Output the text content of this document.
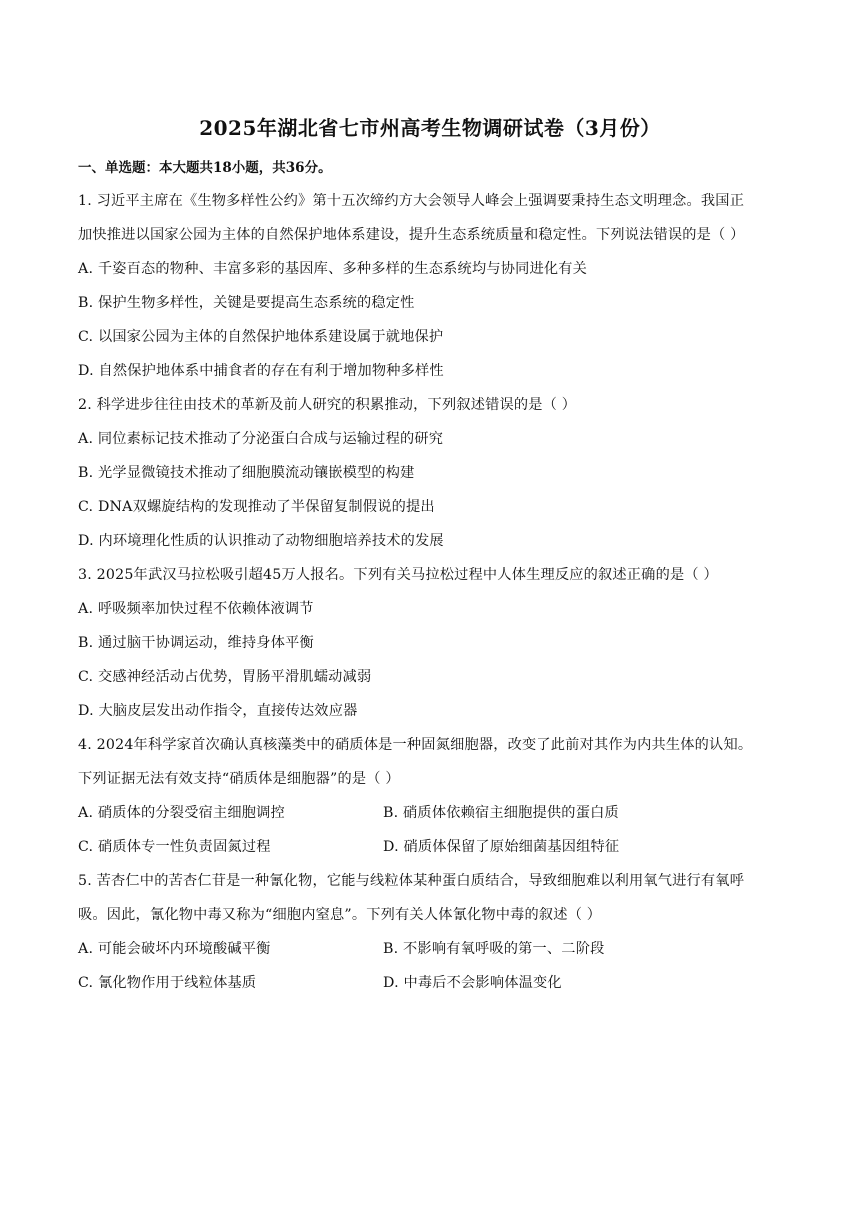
2025年湖北省七市州高考生物调研试卷（3月份）
一、单选题：本大题共18小题，共36分。
1. 习近平主席在《生物多样性公约》第十五次缔约方大会领导人峰会上强调要秉持生态文明理念。我国正
加快推进以国家公园为主体的自然保护地体系建设，提升生态系统质量和稳定性。下列说法错误的是（ ）
A. 千姿百态的物种、丰富多彩的基因库、多种多样的生态系统均与协同进化有关
B. 保护生物多样性，关键是要提高生态系统的稳定性
C. 以国家公园为主体的自然保护地体系建设属于就地保护
D. 自然保护地体系中捕食者的存在有利于增加物种多样性
2. 科学进步往往由技术的革新及前人研究的积累推动，下列叙述错误的是（ ）
A. 同位素标记技术推动了分泌蛋白合成与运输过程的研究
B. 光学显微镜技术推动了细胞膜流动镶嵌模型的构建
C. DNA双螺旋结构的发现推动了半保留复制假说的提出
D. 内环境理化性质的认识推动了动物细胞培养技术的发展
3. 2025年武汉马拉松吸引超45万人报名。下列有关马拉松过程中人体生理反应的叙述正确的是（ ）
A. 呼吸频率加快过程不依赖体液调节
B. 通过脑干协调运动，维持身体平衡
C. 交感神经活动占优势，胃肠平滑肌蠕动减弱
D. 大脑皮层发出动作指令，直接传达效应器
4. 2024年科学家首次确认真核藻类中的硝质体是一种固氮细胞器，改变了此前对其作为内共生体的认知。
下列证据无法有效支持“硝质体是细胞器”的是（ ）
A. 硝质体的分裂受宿主细胞调控	B. 硝质体依赖宿主细胞提供的蛋白质
C. 硝质体专一性负责固氮过程	D. 硝质体保留了原始细菌基因组特征
5. 苦杏仁中的苦杏仁苷是一种氰化物，它能与线粒体某种蛋白质结合，导致细胞难以利用氧气进行有氧呼
吸。因此，氰化物中毒又称为“细胞内窒息”。下列有关人体氰化物中毒的叙述（ ）
A. 可能会破坏内环境酸碱平衡	B. 不影响有氧呼吸的第一、二阶段
C. 氰化物作用于线粒体基质	D. 中毒后不会影响体温变化
